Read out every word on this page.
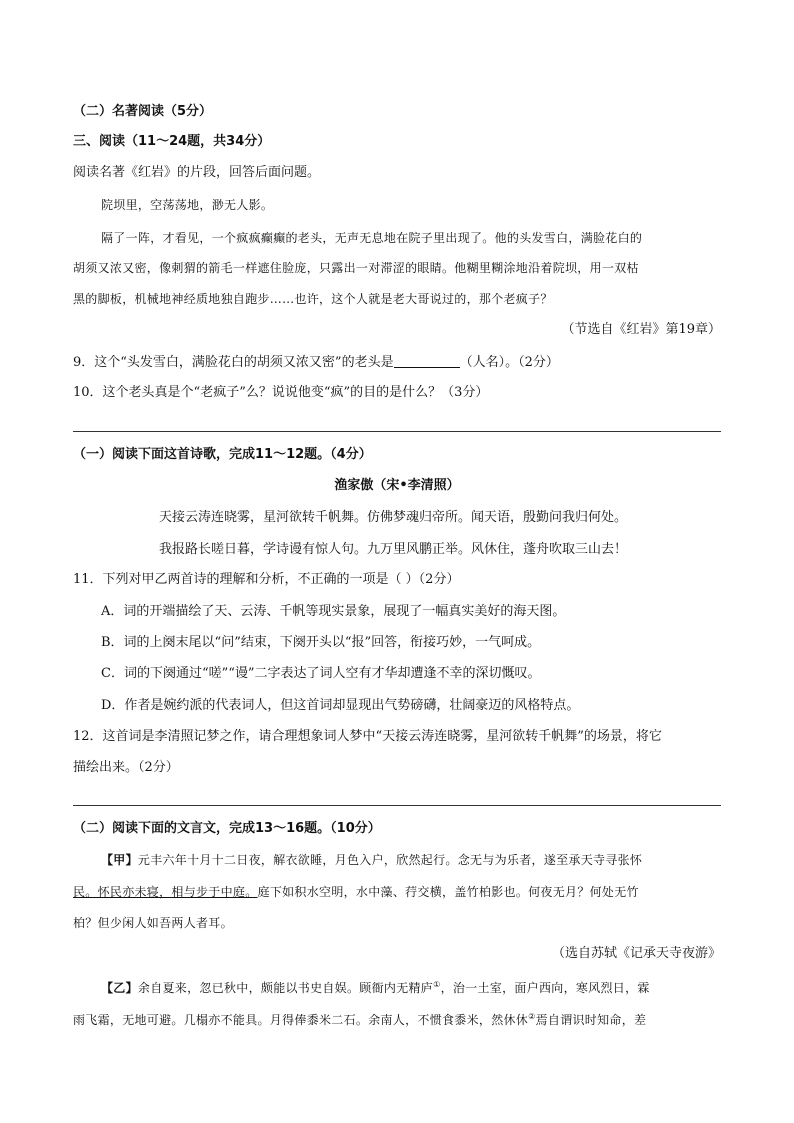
（二）名著阅读（5分）
三、阅读（11～24题，共34分）
阅读名著《红岩》的片段，回答后面问题。
院坝里，空荡荡地，渺无人影。
隔了一阵，才看见，一个疯疯癫癫的老头，无声无息地在院子里出现了。他的头发雪白，满脸花白的
胡须又浓又密，像刺猬的箭毛一样遮住脸庞，只露出一对滞涩的眼睛。他糊里糊涂地沿着院坝，用一双枯
黑的脚板，机械地神经质地独自跑步……也许，这个人就是老大哥说过的，那个老疯子？
（节选自《红岩》第19章）
9．这个“头发雪白，满脸花白的胡须又浓又密”的老头是	（人名）。（2分）
10．这个老头真是个“老疯子”么？说说他变“疯”的目的是什么？（3分）
（一）阅读下面这首诗歌，完成11～12题。（4分）
渔家傲（宋•李清照）
天接云涛连晓雾，星河欲转千帆舞。仿佛梦魂归帝所。闻天语，殷勤问我归何处。
我报路长嗟日暮，学诗谩有惊人句。九万里风鹏正举。风休住，蓬舟吹取三山去！
11．下列对甲乙两首诗的理解和分析，不正确的一项是（ ）（2分）
A．词的开端描绘了天、云涛、千帆等现实景象，展现了一幅真实美好的海天图。
B．词的上阕末尾以“问”结束，下阕开头以“报”回答，衔接巧妙，一气呵成。
C．词的下阕通过“嗟”“谩”二字表达了词人空有才华却遭逢不幸的深切慨叹。
D．作者是婉约派的代表词人，但这首词却显现出气势磅礴，壮阔豪迈的风格特点。
12．这首词是李清照记梦之作，请合理想象词人梦中“天接云涛连晓雾，星河欲转千帆舞”的场景，将它
描绘出来。（2分）
（二）阅读下面的文言文，完成13～16题。（10分）
【甲】元丰六年十月十二日夜，解衣欲睡，月色入户，欣然起行。念无与为乐者，遂至承天寺寻张怀
民。怀民亦未寝，相与步于中庭。庭下如积水空明，水中藻、荇交横，盖竹柏影也。何夜无月？何处无竹
柏？但少闲人如吾两人者耳。
（选自苏轼《记承天寺夜游》
【乙】余自夏来，忽已秋中，颇能以书史自娱。顾衙内无精庐①，治一土室，面户西向，寒风烈日，霖
雨飞霜，无地可避。几榻亦不能具。月得俸黍米二石。余南人，不惯食黍米，然休休②焉自谓识时知命，差
